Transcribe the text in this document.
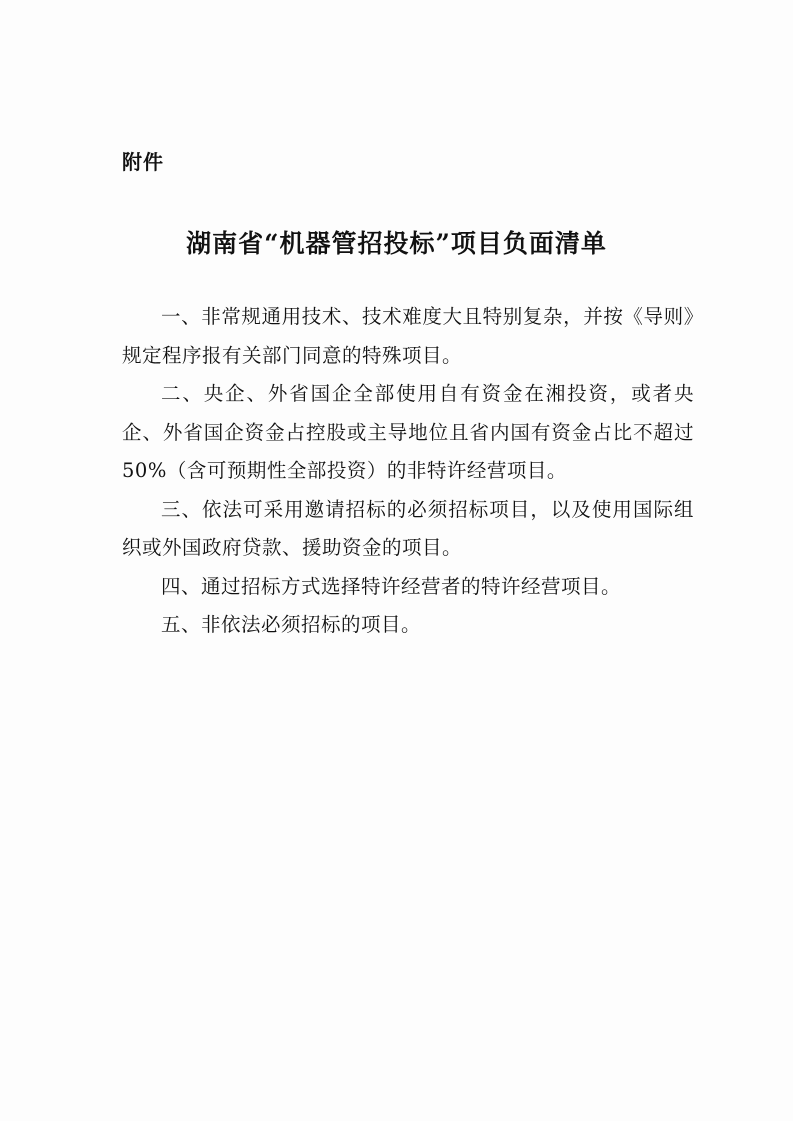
附件
湖南省“机器管招投标”项目负面清单

一、非常规通用技术、技术难度大且特别复杂，并按《导则》规定程序报有关部门同意的特殊项目。

二、央企、外省国企全部使用自有资金在湘投资，或者央企、外省国企资金占控股或主导地位且省内国有资金占比不超过50%（含可预期性全部投资）的非特许经营项目。

三、依法可采用邀请招标的必须招标项目，以及使用国际组织或外国政府贷款、援助资金的项目。

四、通过招标方式选择特许经营者的特许经营项目。

五、非依法必须招标的项目。
